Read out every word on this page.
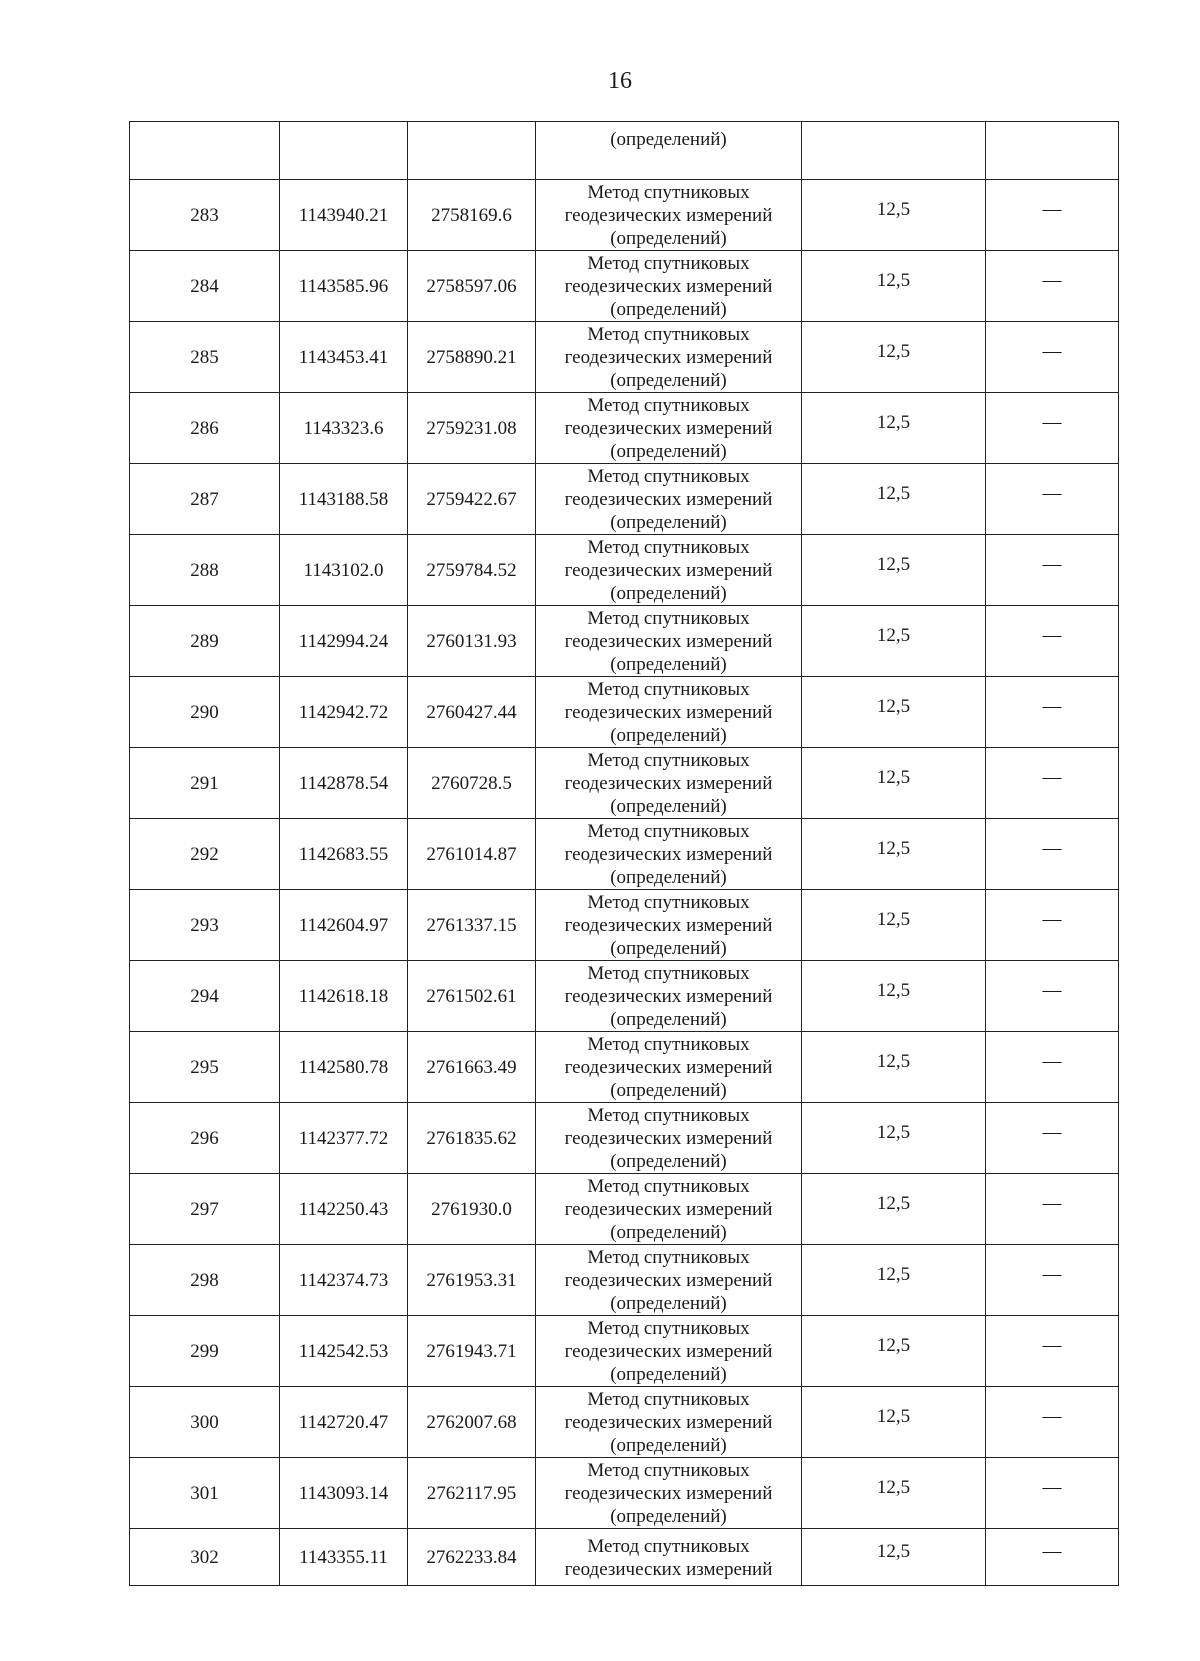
16

			(определений)		

283	1143940.21	2758169.6	Метод спутниковых
геодезических измерений
(определений)	12,5	—
284	1143585.96	2758597.06	Метод спутниковых
геодезических измерений
(определений)	12,5	—
285	1143453.41	2758890.21	Метод спутниковых
геодезических измерений
(определений)	12,5	—
286	1143323.6	2759231.08	Метод спутниковых
геодезических измерений
(определений)	12,5	—
287	1143188.58	2759422.67	Метод спутниковых
геодезических измерений
(определений)	12,5	—
288	1143102.0	2759784.52	Метод спутниковых
геодезических измерений
(определений)	12,5	—
289	1142994.24	2760131.93	Метод спутниковых
геодезических измерений
(определений)	12,5	—
290	1142942.72	2760427.44	Метод спутниковых
геодезических измерений
(определений)	12,5	—
291	1142878.54	2760728.5	Метод спутниковых
геодезических измерений
(определений)	12,5	—
292	1142683.55	2761014.87	Метод спутниковых
геодезических измерений
(определений)	12,5	—
293	1142604.97	2761337.15	Метод спутниковых
геодезических измерений
(определений)	12,5	—
294	1142618.18	2761502.61	Метод спутниковых
геодезических измерений
(определений)	12,5	—
295	1142580.78	2761663.49	Метод спутниковых
геодезических измерений
(определений)	12,5	—
296	1142377.72	2761835.62	Метод спутниковых
геодезических измерений
(определений)	12,5	—
297	1142250.43	2761930.0	Метод спутниковых
геодезических измерений
(определений)	12,5	—
298	1142374.73	2761953.31	Метод спутниковых
геодезических измерений
(определений)	12,5	—
299	1142542.53	2761943.71	Метод спутниковых
геодезических измерений
(определений)	12,5	—
300	1142720.47	2762007.68	Метод спутниковых
геодезических измерений
(определений)	12,5	—
301	1143093.14	2762117.95	Метод спутниковых
геодезических измерений
(определений)	12,5	—
302	1143355.11	2762233.84	Метод спутниковых
геодезических измерений	12,5	—
